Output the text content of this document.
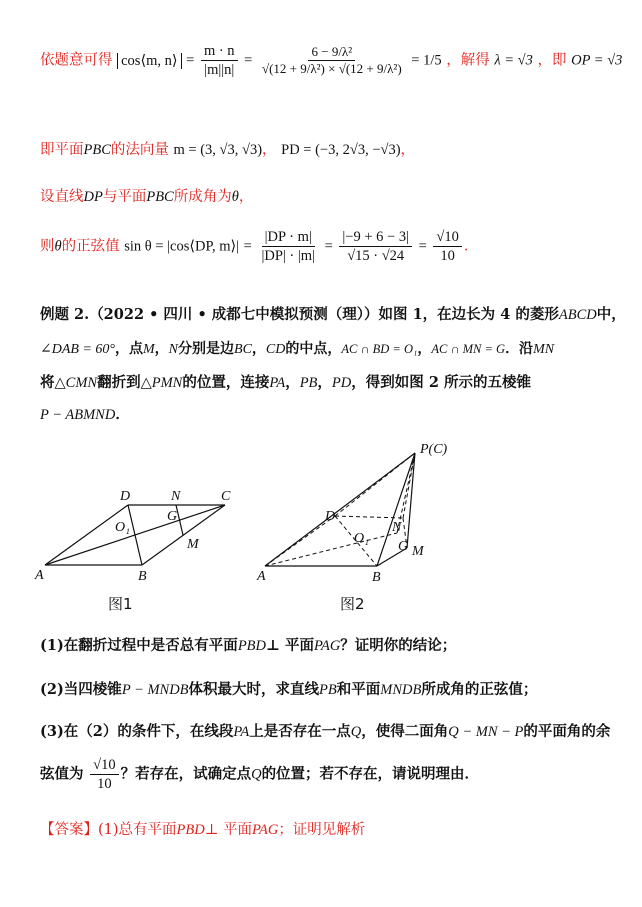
依题意可得 cos⟨m, n⟩ = $\frac{m \cdot n}{|m||n|} = \frac{\text{6 − 9/λ²}}{\text{√(12 + 9/λ²) × √(12 + 9/λ²)}} = 1/5$ ，解得 λ = √3 ，即 OP = √3
即平面PBC的法向量 m = (3, √3, √3)， PD = (−3, 2√3, −√3)，
设直线DP与平面PBC所成角为θ，
则θ的正弦值 sin θ = |cos⟨DP, m⟩| = $\frac{|DP \cdot m|}{|DP| \cdot |m|} = \frac{|-9 + 6 - 3|}{√15 \cdot √24} = \frac{√10}{10}$ ．
例题 2.（2022 • 四川 • 成都七中模拟预测（理））如图 1，在边长为 4 的菱形ABCD中，
∠DAB = 60°，点M，N分别是边BC，CD的中点，AC ∩ BD = O₁，AC ∩ MN = G．沿MN
将△CMN翻折到△PMN的位置，连接PA，PB，PD，得到如图 2 所示的五棱锥
P − ABMND．
A	B
C
D	N
G
M
O₁
图1
P(C)
A	B
D
N
G M
O₁
图2
(1)在翻折过程中是否总有平面PBD⊥ 平面PAG？证明你的结论；
(2)当四棱锥P − MNDB体积最大时，求直线PB和平面MNDB所成角的正弦值；
(3)在（2）的条件下，在线段PA上是否存在一点Q，使得二面角Q − MN − P的平面角的余
弦值为 $\frac{√10}{10}$ ？若存在，试确定点Q的位置；若不存在，请说明理由．
【答案】(1)总有平面PBD⊥ 平面PAG；证明见解析
